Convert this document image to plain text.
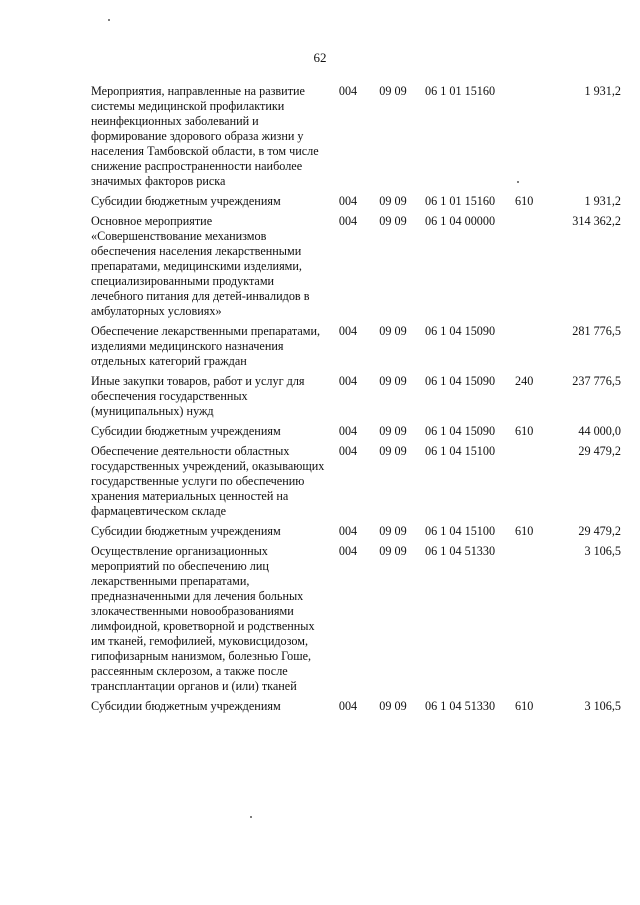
62
Мероприятия, направленные на развитие системы медицинской профилактики неинфекционных заболеваний и формирование здорового образа жизни у населения Тамбовской области, в том числе снижение распространенности наиболее значимых факторов риска	004	09 09	06 1 01 15160		1 931,2
Субсидии бюджетным учреждениям	004	09 09	06 1 01 15160	610	1 931,2
Основное мероприятие «Совершенствование механизмов обеспечения населения лекарственными препаратами, медицинскими изделиями, специализированными продуктами лечебного питания для детей-инвалидов в амбулаторных условиях»	004	09 09	06 1 04 00000		314 362,2
Обеспечение лекарственными препаратами, изделиями медицинского назначения отдельных категорий граждан	004	09 09	06 1 04 15090		281 776,5
Иные закупки товаров, работ и услуг для обеспечения государственных (муниципальных) нужд	004	09 09	06 1 04 15090	240	237 776,5
Субсидии бюджетным учреждениям	004	09 09	06 1 04 15090	610	44 000,0
Обеспечение деятельности областных государственных учреждений, оказывающих государственные услуги по обеспечению хранения материальных ценностей на фармацевтическом складе	004	09 09	06 1 04 15100		29 479,2
Субсидии бюджетным учреждениям	004	09 09	06 1 04 15100	610	29 479,2
Осуществление организационных мероприятий по обеспечению лиц лекарственными препаратами, предназначенными для лечения больных злокачественными новообразованиями лимфоидной, кроветворной и родственных им тканей, гемофилией, муковисцидозом, гипофизарным нанизмом, болезнью Гоше, рассеянным склерозом, а также после трансплантации органов и (или) тканей	004	09 09	06 1 04 51330		3 106,5
Субсидии бюджетным учреждениям	004	09 09	06 1 04 51330	610	3 106,5
